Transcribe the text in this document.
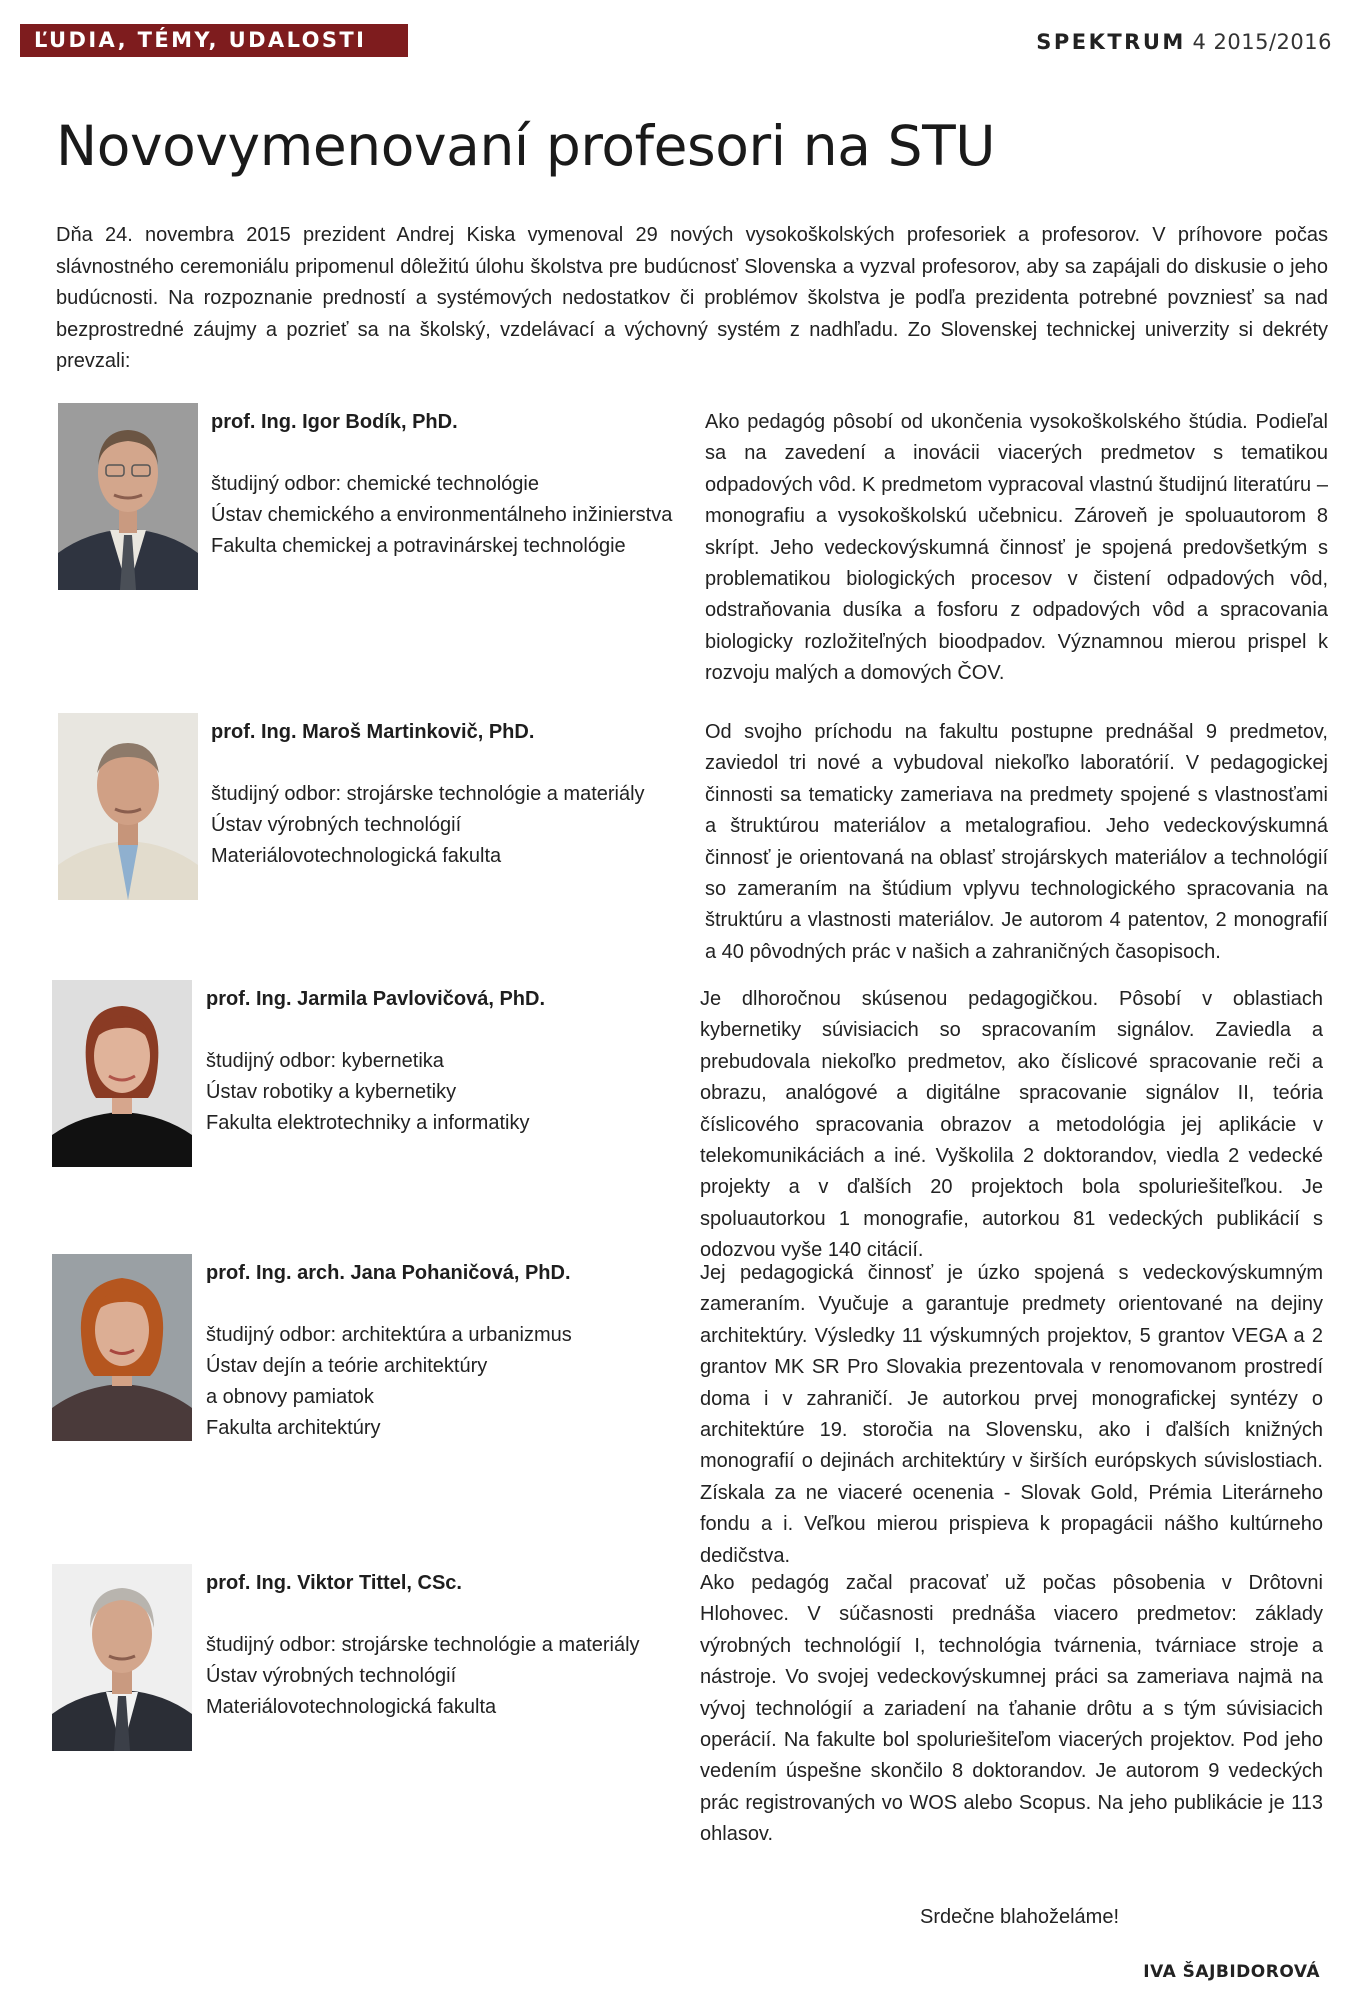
ĽUDIA, TÉMY, UDALOSTI	SPEKTRUM 4 2015/2016
Novovymenovaní profesori na STU

Dňa 24. novembra 2015 prezident Andrej Kiska vymenoval 29 nových vysokoškolských profesoriek a profesorov. V príhovore počas slávnostného ceremoniálu pripomenul dôležitú úlohu školstva pre budúcnosť Slovenska a vyzval profesorov, aby sa zapájali do diskusie o jeho budúcnosti. Na rozpoznanie predností a systémových nedostatkov či problémov školstva je podľa prezidenta potrebné povzniesť sa nad bezprostredné záujmy a pozrieť sa na školský, vzdelávací a výchovný systém z nadhľadu. Zo Slovenskej technickej univerzity si dekréty prevzali:

prof. Ing. Igor Bodík, PhD.
študijný odbor: chemické technológie
Ústav chemického a environmentálneho inžinierstva
Fakulta chemickej a potravinárskej technológie

Ako pedagóg pôsobí od ukončenia vysokoškolského štúdia. Podieľal sa na zavedení a inovácii viacerých predmetov s tematikou odpadových vôd. K predmetom vypracoval vlastnú študijnú literatúru – monografiu a vysokoškolskú učebnicu. Zároveň je spoluautorom 8 skrípt. Jeho vedeckovýskumná činnosť je spojená predovšetkým s problematikou biologických procesov v čistení odpadových vôd, odstraňovania dusíka a fosforu z odpadových vôd a spracovania biologicky rozložiteľných bioodpadov. Významnou mierou prispel k rozvoju malých a domových ČOV.

prof. Ing. Maroš Martinkovič, PhD.
študijný odbor: strojárske technológie a materiály
Ústav výrobných technológií
Materiálovotechnologická fakulta

Od svojho príchodu na fakultu postupne prednášal 9 predmetov, zaviedol tri nové a vybudoval niekoľko laboratórií. V pedagogickej činnosti sa tematicky zameriava na predmety spojené s vlastnosťami a štruktúrou materiálov a metalografiou. Jeho vedeckovýskumná činnosť je orientovaná na oblasť strojárskych materiálov a technológií so zameraním na štúdium vplyvu technologického spracovania na štruktúru a vlastnosti materiálov. Je autorom 4 patentov, 2 monografií a 40 pôvodných prác v našich a zahraničných časopisoch.

prof. Ing. Jarmila Pavlovičová, PhD.
študijný odbor: kybernetika
Ústav robotiky a kybernetiky
Fakulta elektrotechniky a informatiky

Je dlhoročnou skúsenou pedagogičkou. Pôsobí v oblastiach kybernetiky súvisiacich so spracovaním signálov. Zaviedla a prebudovala niekoľko predmetov, ako číslicové spracovanie reči a obrazu, analógové a digitálne spracovanie signálov II, teória číslicového spracovania obrazov a metodológia jej aplikácie v telekomunikáciách a iné. Vyškolila 2 doktorandov, viedla 2 vedecké projekty a v ďalších 20 projektoch bola spoluriešiteľkou. Je spoluautorkou 1 monografie, autorkou 81 vedeckých publikácií s odozvou vyše 140 citácií.

prof. Ing. arch. Jana Pohaničová, PhD.
študijný odbor: architektúra a urbanizmus
Ústav dejín a teórie architektúry
a obnovy pamiatok
Fakulta architektúry

Jej pedagogická činnosť je úzko spojená s vedeckovýskumným zameraním. Vyučuje a garantuje predmety orientované na dejiny architektúry. Výsledky 11 výskumných projektov, 5 grantov VEGA a 2 grantov MK SR Pro Slovakia prezentovala v renomovanom prostredí doma i v zahraničí. Je autorkou prvej monografickej syntézy o architektúre 19. storočia na Slovensku, ako i ďalších knižných monografií o dejinách architektúry v širších európskych súvislostiach. Získala za ne viaceré ocenenia - Slovak Gold, Prémia Literárneho fondu a i. Veľkou mierou prispieva k propagácii nášho kultúrneho dedičstva.

prof. Ing. Viktor Tittel, CSc.
študijný odbor: strojárske technológie a materiály
Ústav výrobných technológií
Materiálovotechnologická fakulta

Ako pedagóg začal pracovať už počas pôsobenia v Drôtovni Hlohovec. V súčasnosti prednáša viacero predmetov: základy výrobných technológií I, technológia tvárnenia, tvárniace stroje a nástroje. Vo svojej vedeckovýskumnej práci sa zameriava najmä na vývoj technológií a zariadení na ťahanie drôtu a s tým súvisiacich operácií. Na fakulte bol spoluriešiteľom viacerých projektov. Pod jeho vedením úspešne skončilo 8 doktorandov. Je autorom 9 vedeckých prác registrovaných vo WOS alebo Scopus. Na jeho publikácie je 113 ohlasov.

Srdečne blahoželáme!
IVA ŠAJBIDOROVÁ
